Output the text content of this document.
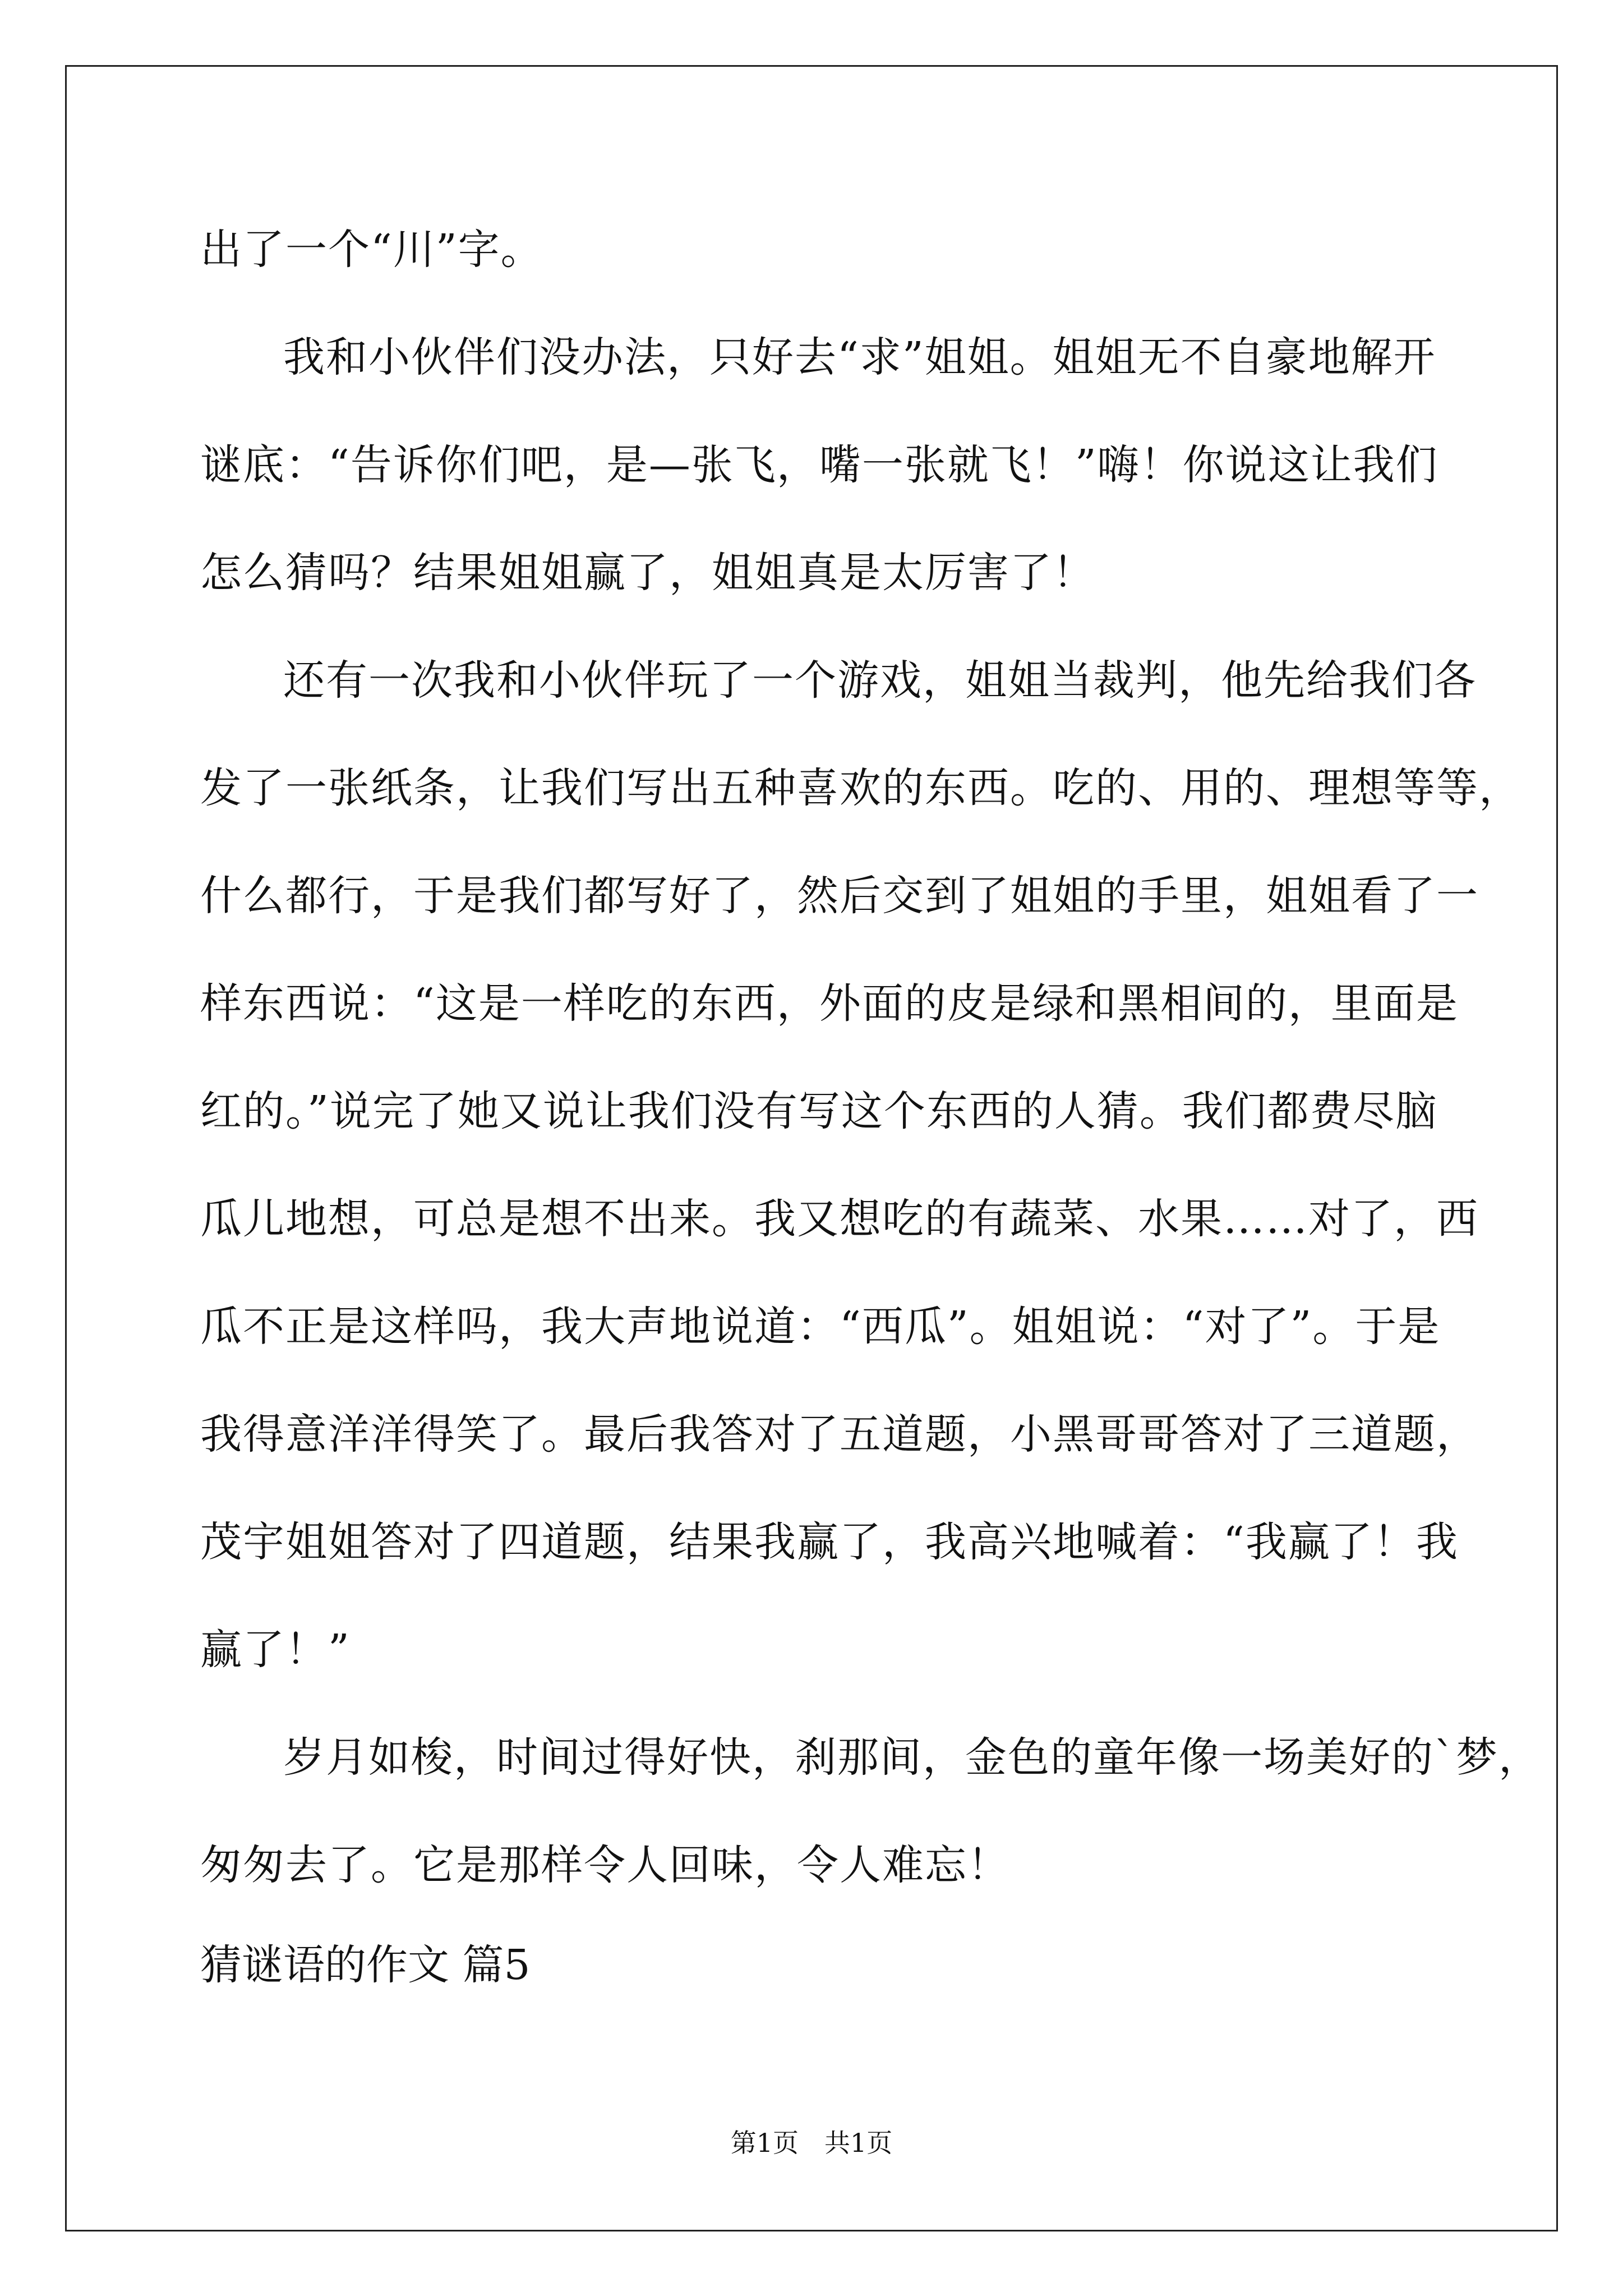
出了一个“川”字。

我和小伙伴们没办法，只好去“求”姐姐。姐姐无不自豪地解开

谜底：“告诉你们吧，是—张飞，嘴一张就飞！”嗨！你说这让我们

怎么猜吗？结果姐姐赢了，姐姐真是太厉害了！

还有一次我和小伙伴玩了一个游戏，姐姐当裁判，他先给我们各

发了一张纸条，让我们写出五种喜欢的东西。吃的、用的、理想等等，

什么都行，于是我们都写好了，然后交到了姐姐的手里，姐姐看了一

样东西说：“这是一样吃的东西，外面的皮是绿和黑相间的，里面是

红的。”说完了她又说让我们没有写这个东西的人猜。我们都费尽脑

瓜儿地想，可总是想不出来。我又想吃的有蔬菜、水果……对了，西

瓜不正是这样吗，我大声地说道：“西瓜”。姐姐说：“对了”。于是

我得意洋洋得笑了。最后我答对了五道题，小黑哥哥答对了三道题，

茂宇姐姐答对了四道题，结果我赢了，我高兴地喊着：“我赢了！我

赢了！”

岁月如梭，时间过得好快，刹那间，金色的童年像一场美好的`梦，

匆匆去了。它是那样令人回味，令人难忘！

猜谜语的作文 篇5

第1页　共1页
